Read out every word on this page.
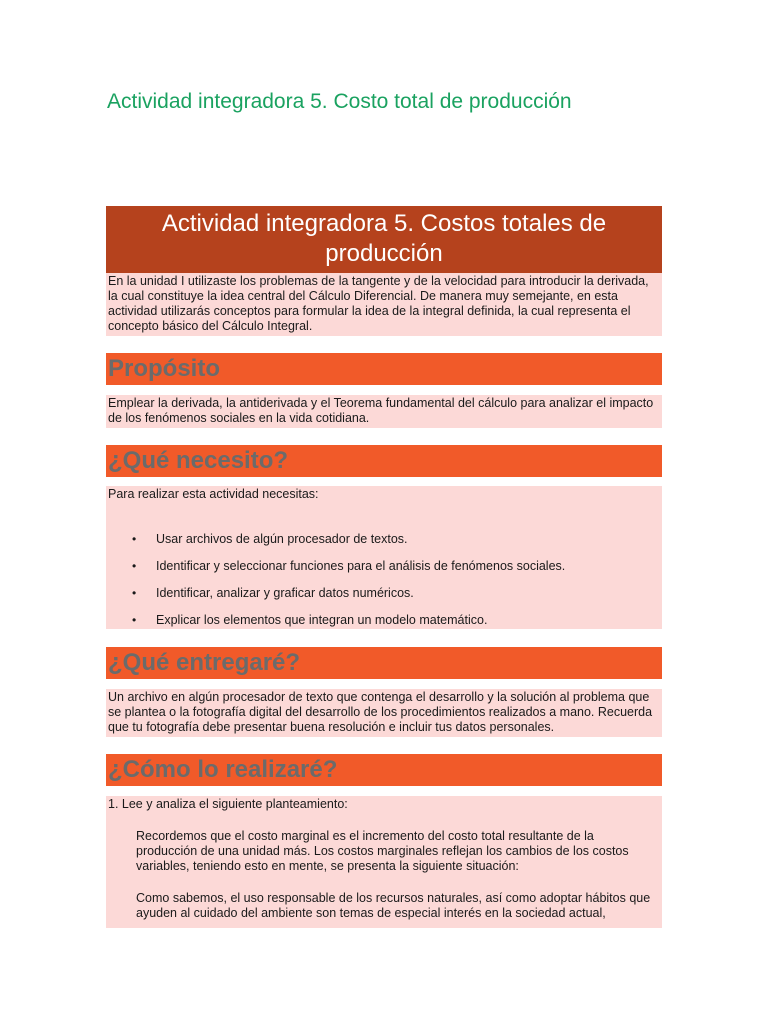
Actividad integradora 5. Costo total de producción
Actividad integradora 5. Costos totales de producción
En la unidad I utilizaste los problemas de la tangente y de la velocidad para introducir la derivada, la cual constituye la idea central del Cálculo Diferencial. De manera muy semejante, en esta actividad utilizarás conceptos para formular la idea de la integral definida, la cual representa el concepto básico del Cálculo Integral.
Propósito
Emplear la derivada, la antiderivada y el Teorema fundamental del cálculo para analizar el impacto de los fenómenos sociales en la vida cotidiana.
¿Qué necesito?
Para realizar esta actividad necesitas:
• Usar archivos de algún procesador de textos.
• Identificar y seleccionar funciones para el análisis de fenómenos sociales.
• Identificar, analizar y graficar datos numéricos.
• Explicar los elementos que integran un modelo matemático.
¿Qué entregaré?
Un archivo en algún procesador de texto que contenga el desarrollo y la solución al problema que se plantea o la fotografía digital del desarrollo de los procedimientos realizados a mano. Recuerda que tu fotografía debe presentar buena resolución e incluir tus datos personales.
¿Cómo lo realizaré?
1. Lee y analiza el siguiente planteamiento:

Recordemos que el costo marginal es el incremento del costo total resultante de la producción de una unidad más. Los costos marginales reflejan los cambios de los costos variables, teniendo esto en mente, se presenta la siguiente situación:

Como sabemos, el uso responsable de los recursos naturales, así como adoptar hábitos que ayuden al cuidado del ambiente son temas de especial interés en la sociedad actual,
